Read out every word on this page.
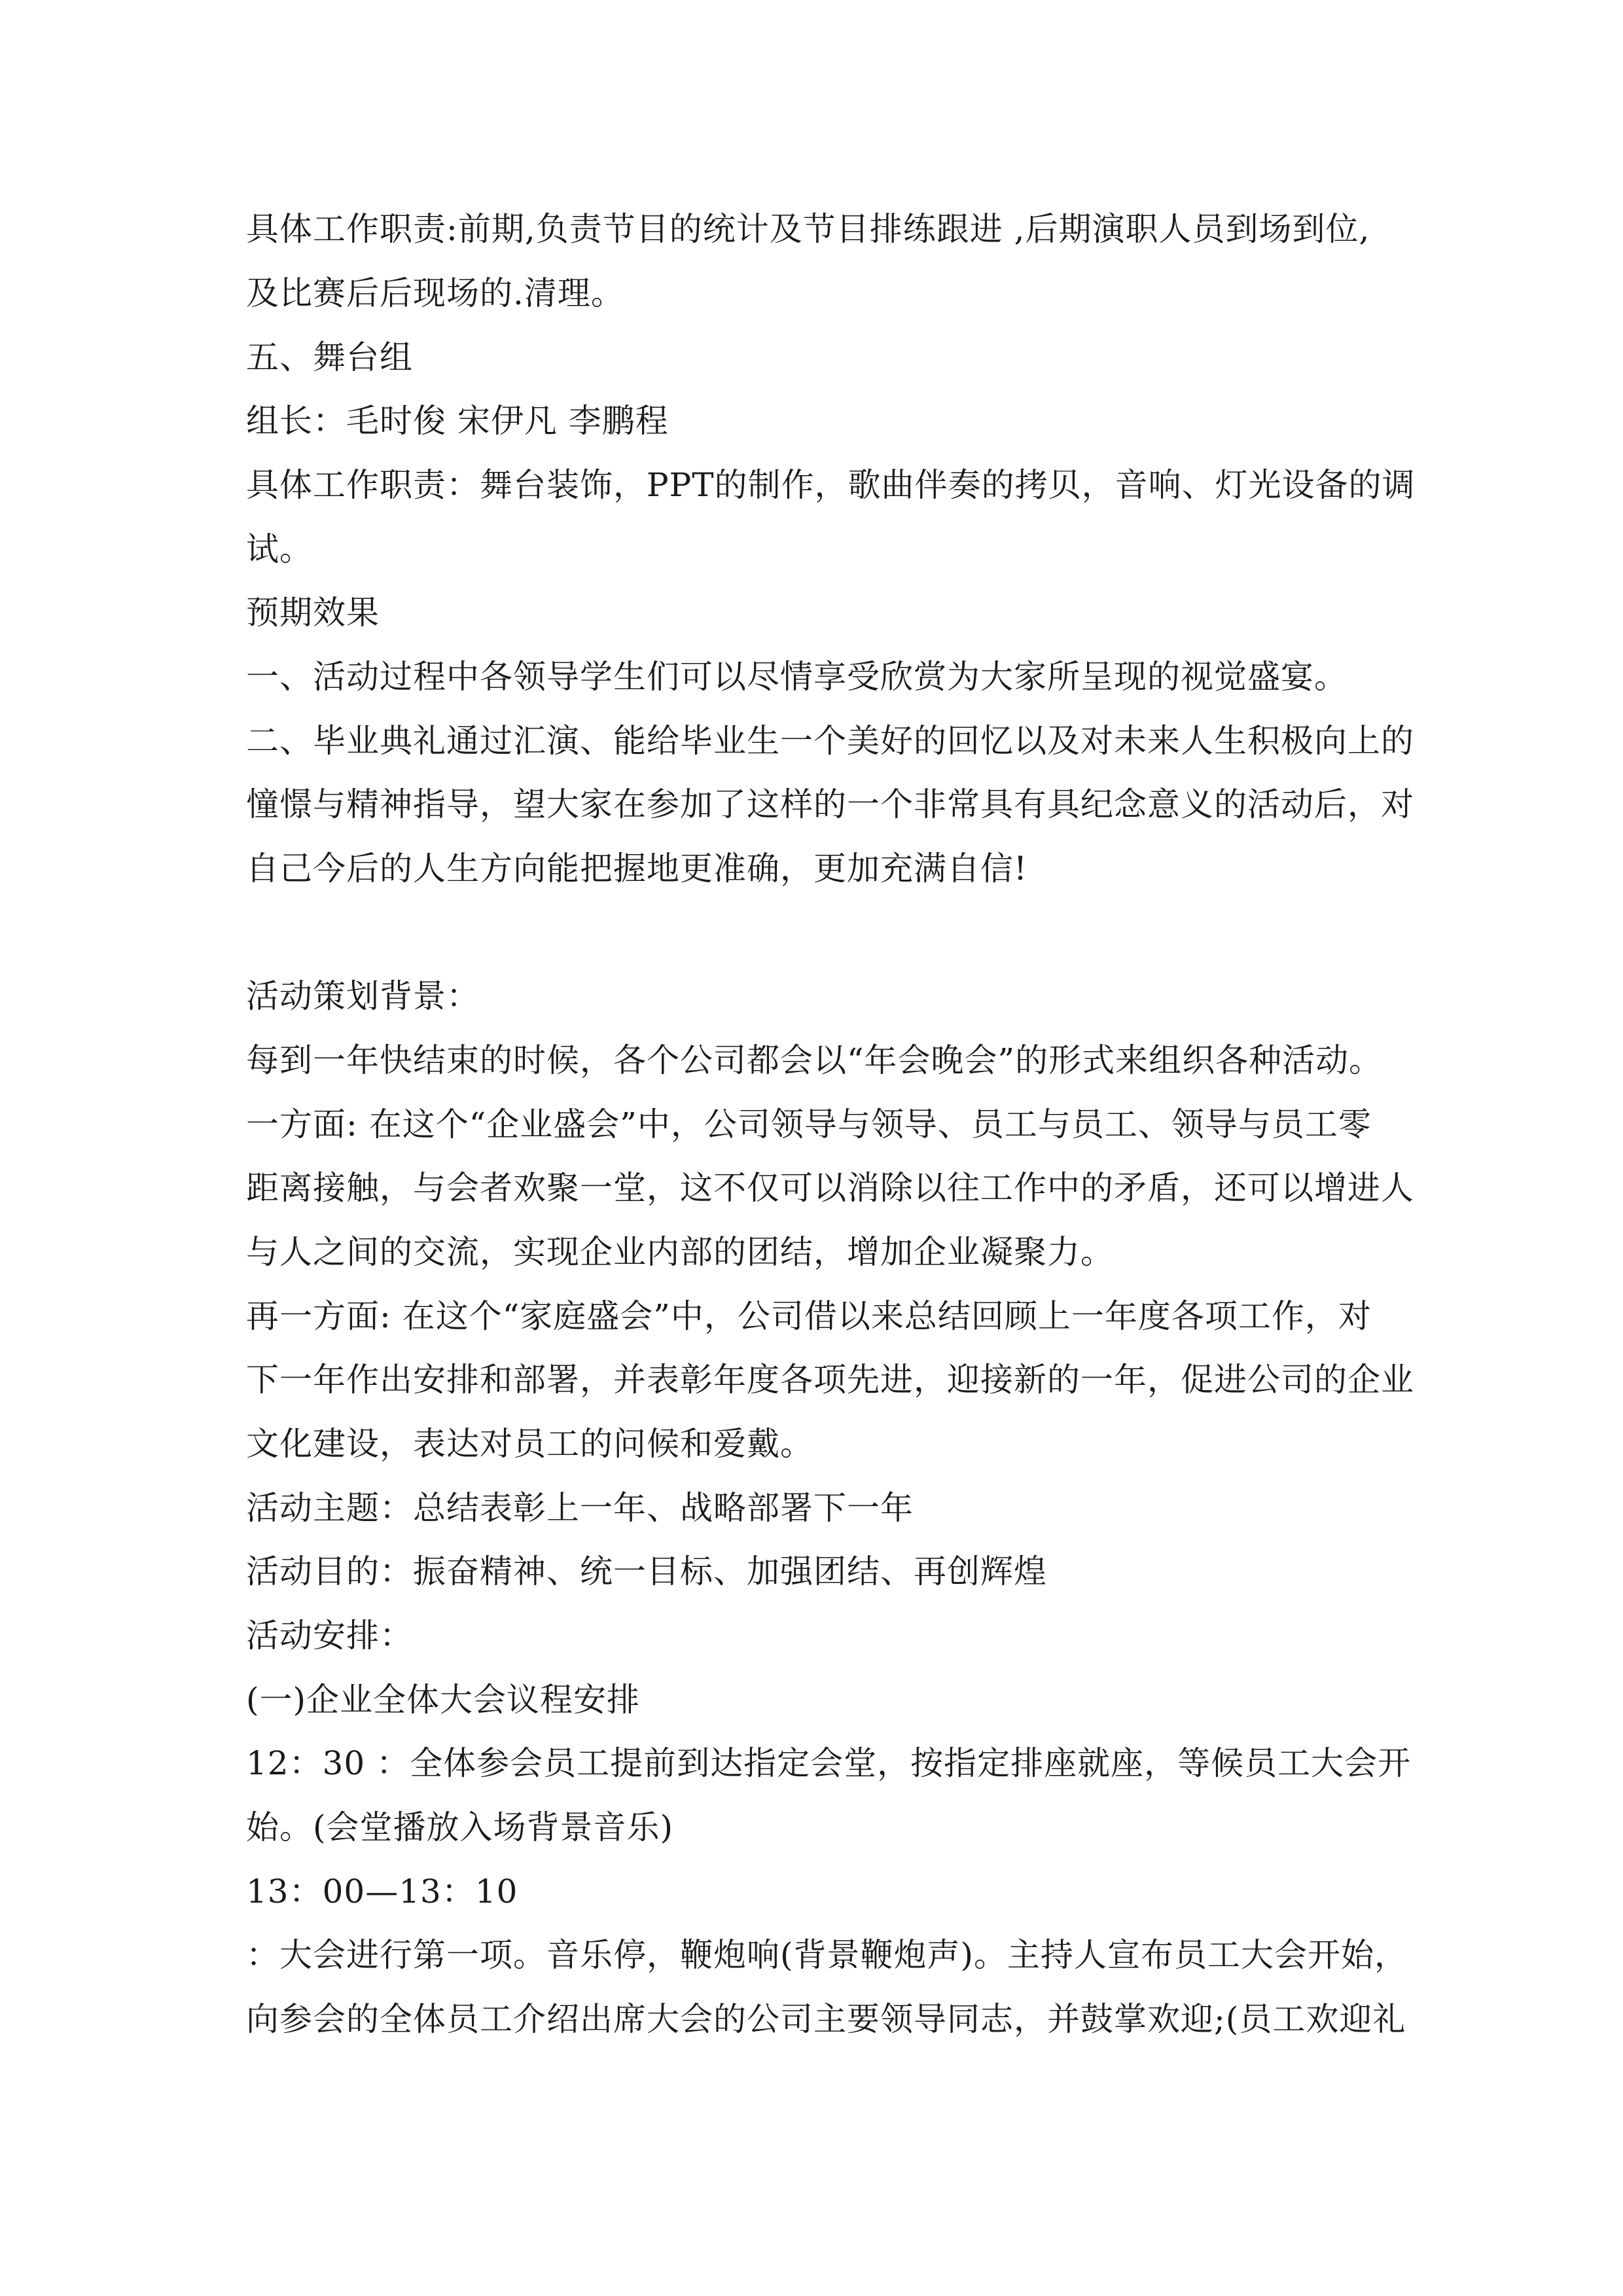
具体工作职责:前期,负责节目的统计及节目排练跟进 ,后期演职人员到场到位,
及比赛后后现场的.清理。
五、舞台组
组长：毛时俊 宋伊凡 李鹏程
具体工作职责：舞台装饰，PPT的制作，歌曲伴奏的拷贝，音响、灯光设备的调
试。
预期效果
一、活动过程中各领导学生们可以尽情享受欣赏为大家所呈现的视觉盛宴。
二、毕业典礼通过汇演、能给毕业生一个美好的回忆以及对未来人生积极向上的
憧憬与精神指导，望大家在参加了这样的一个非常具有具纪念意义的活动后，对
自己今后的人生方向能把握地更准确，更加充满自信!
活动策划背景：
每到一年快结束的时候，各个公司都会以“年会晚会”的形式来组织各种活动。
一方面: 在这个“企业盛会”中，公司领导与领导、员工与员工、领导与员工零
距离接触，与会者欢聚一堂，这不仅可以消除以往工作中的矛盾，还可以增进人
与人之间的交流，实现企业内部的团结，增加企业凝聚力。
再一方面: 在这个“家庭盛会”中，公司借以来总结回顾上一年度各项工作，对
下一年作出安排和部署，并表彰年度各项先进，迎接新的一年，促进公司的企业
文化建设，表达对员工的问候和爱戴。
活动主题：总结表彰上一年、战略部署下一年
活动目的：振奋精神、统一目标、加强团结、再创辉煌
活动安排：
(一)企业全体大会议程安排
12：30 ：全体参会员工提前到达指定会堂，按指定排座就座，等候员工大会开
始。(会堂播放入场背景音乐)
13：00—13：10
：大会进行第一项。音乐停，鞭炮响(背景鞭炮声)。主持人宣布员工大会开始，
向参会的全体员工介绍出席大会的公司主要领导同志，并鼓掌欢迎;(员工欢迎礼
